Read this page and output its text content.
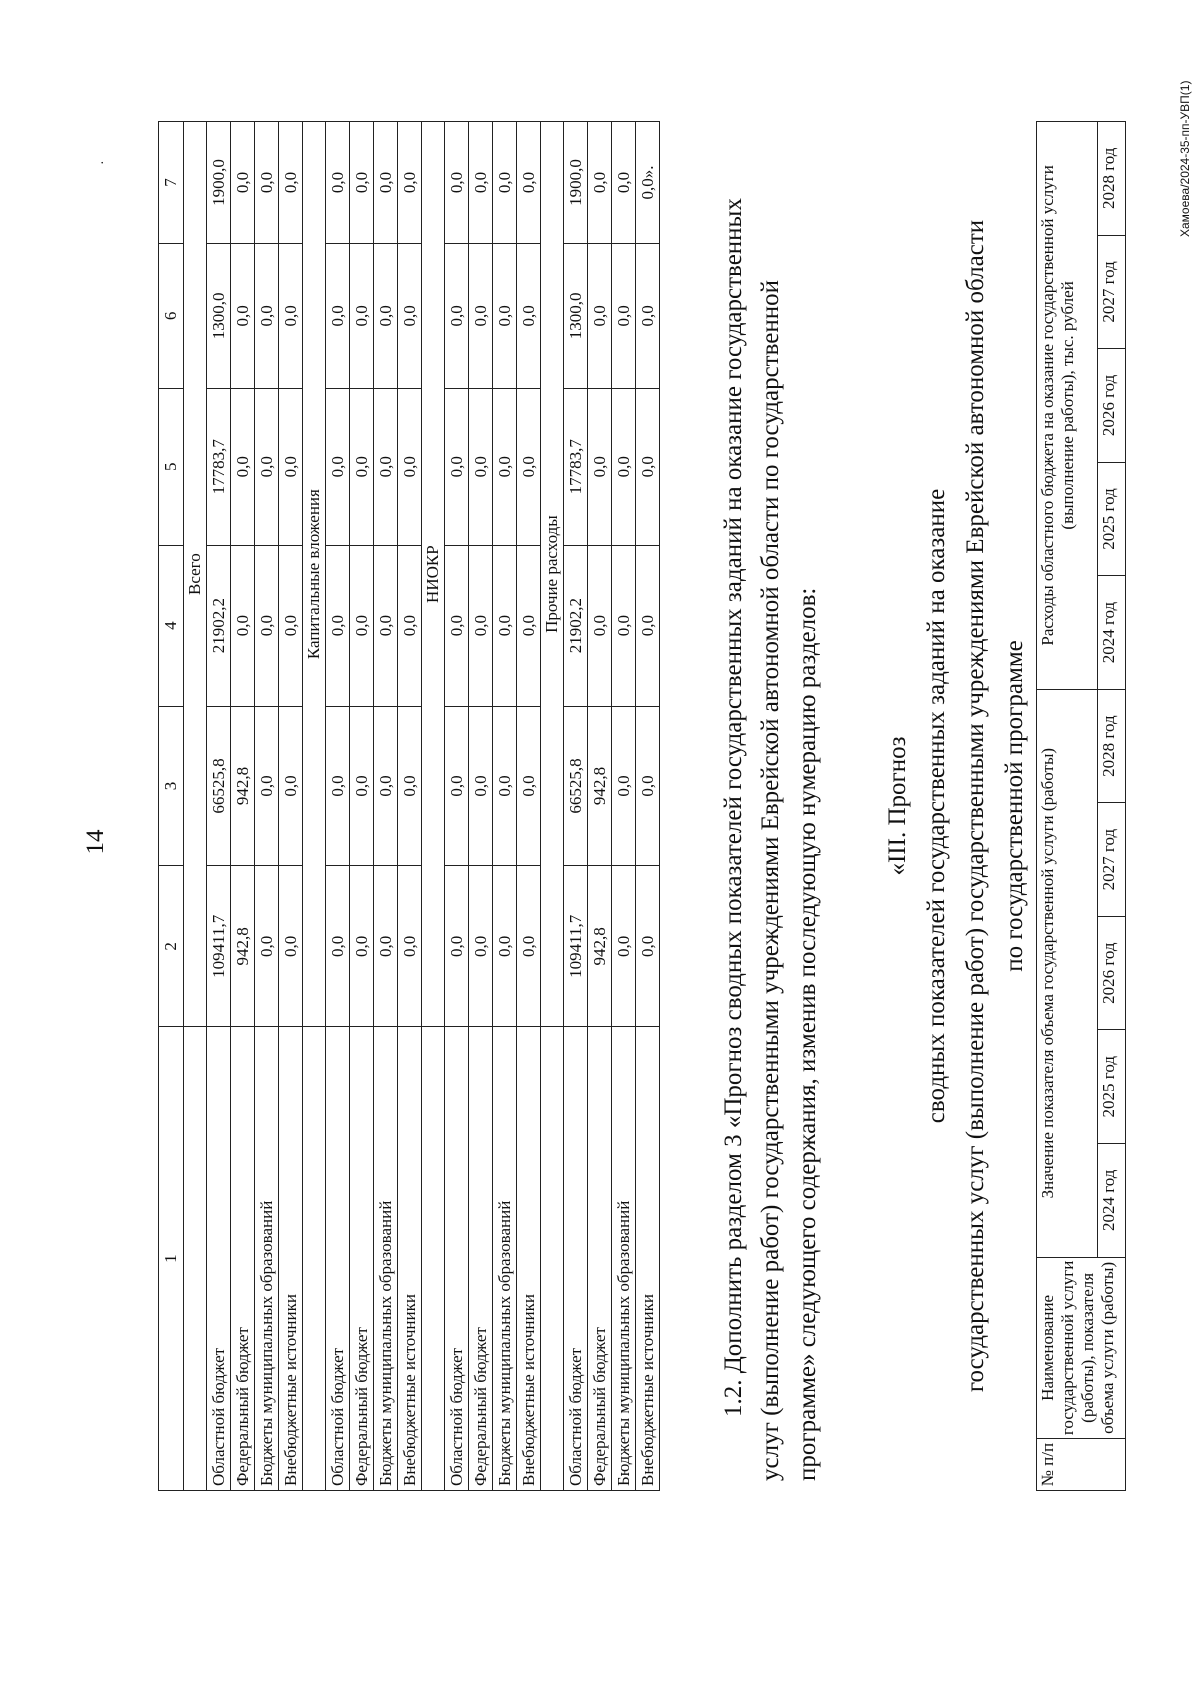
14
·
1	2	3	4	5	6	7
	Всего					
Областной бюджет	109411,7	66525,8	21902,2	17783,7	1300,0	1900,0
Федеральный бюджет	942,8	942,8	0,0	0,0	0,0	0,0
Бюджеты муниципальных образований	0,0	0,0	0,0	0,0	0,0	0,0
Внебюджетные источники	0,0	0,0	0,0	0,0	0,0	0,0
	Капитальные вложения					
Областной бюджет	0,0	0,0	0,0	0,0	0,0	0,0
Федеральный бюджет	0,0	0,0	0,0	0,0	0,0	0,0
Бюджеты муниципальных образований	0,0	0,0	0,0	0,0	0,0	0,0
Внебюджетные источники	0,0	0,0	0,0	0,0	0,0	0,0
	НИОКР					
Областной бюджет	0,0	0,0	0,0	0,0	0,0	0,0
Федеральный бюджет	0,0	0,0	0,0	0,0	0,0	0,0
Бюджеты муниципальных образований	0,0	0,0	0,0	0,0	0,0	0,0
Внебюджетные источники	0,0	0,0	0,0	0,0	0,0	0,0
	Прочие расходы					
Областной бюджет	109411,7	66525,8	21902,2	17783,7	1300,0	1900,0
Федеральный бюджет	942,8	942,8	0,0	0,0	0,0	0,0
Бюджеты муниципальных образований	0,0	0,0	0,0	0,0	0,0	0,0
Внебюджетные источники	0,0	0,0	0,0	0,0	0,0	0,0».

1.2. Дополнить разделом 3 «Прогноз сводных показателей государственных заданий на оказание государственных услуг (выполнение работ) государственными учреждениями Еврейской автономной области по государственной программе» следующего содержания, изменив последующую нумерацию разделов:	«III. Прогноз сводных показателей государственных заданий на оказание государственных услуг (выполнение работ) государственными учреждениями Еврейской автономной области по государственной программе
№ п/п	Наименование государственной услуги (работы), показателя объема услуги (работы)	Значение показателя объема государственной услуги (работы)					Расходы областного бюджета на оказание государственной услуги (выполнение работы), тыс. рублей				
		2024 год	2025 год	2026 год	2027 год	2028 год	2024 год	2025 год	2026 год	2027 год	2028 год	Хамоева/2024-35-пп-УВП(1)
